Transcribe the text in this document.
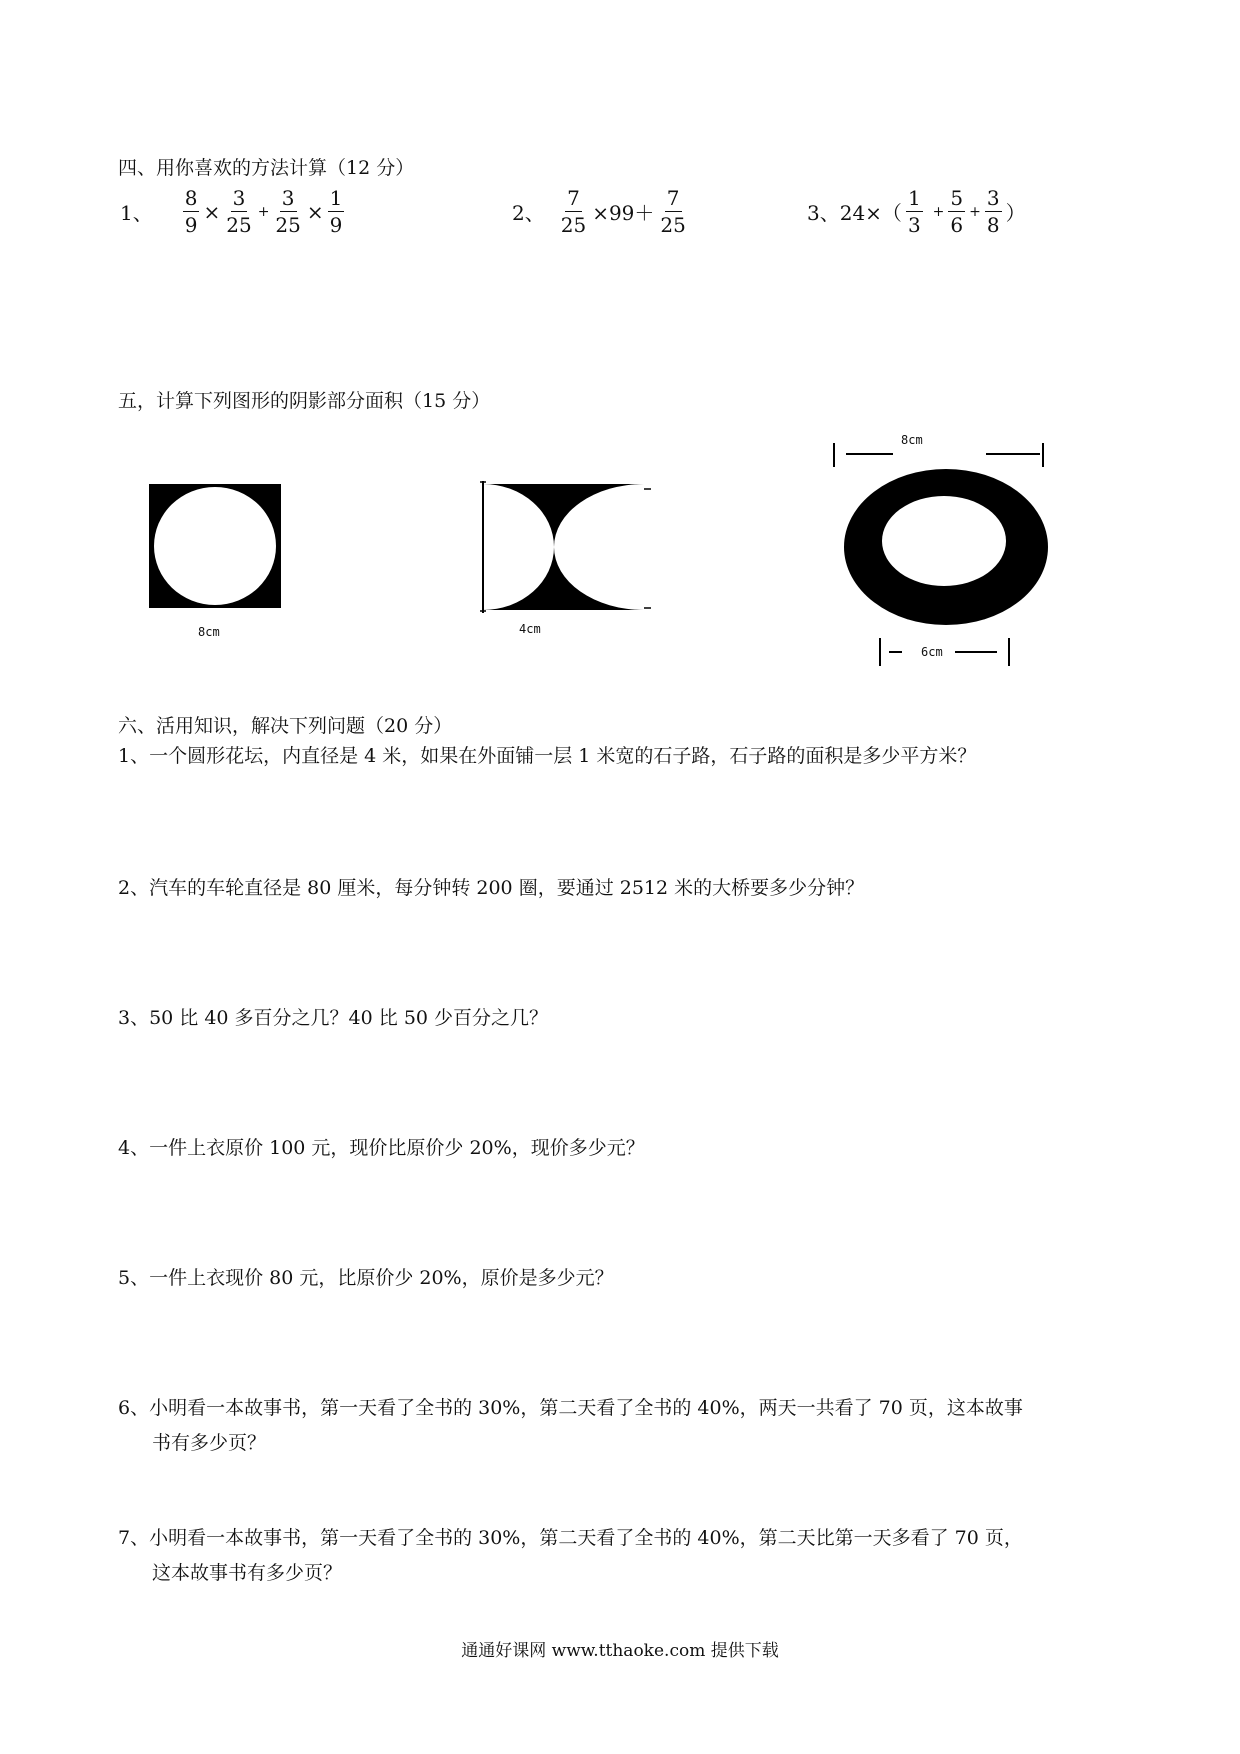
四、用你喜欢的方法计算（12 分）
1、 $\frac{8}{9} \times \frac{3}{25} + \frac{3}{25} \times \frac{1}{9}$	2、 $\frac{7}{25} \times 99+ \frac{7}{25}$	3、$24\times( \frac{1}{3} + \frac{5}{6} + \frac{3}{8}$ ）
五，计算下列图形的阴影部分面积（15 分）
8cm	4cm
8cm
6cm
六、活用知识，解决下列问题（20 分）
1、一个圆形花坛，内直径是 4 米，如果在外面铺一层 1 米宽的石子路，石子路的面积是多少平方米？
2、汽车的车轮直径是 80 厘米，每分钟转 200 圈，要通过 2512 米的大桥要多少分钟？
3、50 比 40 多百分之几？40 比 50 少百分之几？
4、一件上衣原价 100 元，现价比原价少 20%，现价多少元？
5、一件上衣现价 80 元，比原价少 20%，原价是多少元？
6、小明看一本故事书，第一天看了全书的 30%，第二天看了全书的 40%，两天一共看了 70 页，这本故事
书有多少页？
7、小明看一本故事书，第一天看了全书的 30%，第二天看了全书的 40%，第二天比第一天多看了 70 页，
这本故事书有多少页？
通通好课网 www.tthaoke.com 提供下载
